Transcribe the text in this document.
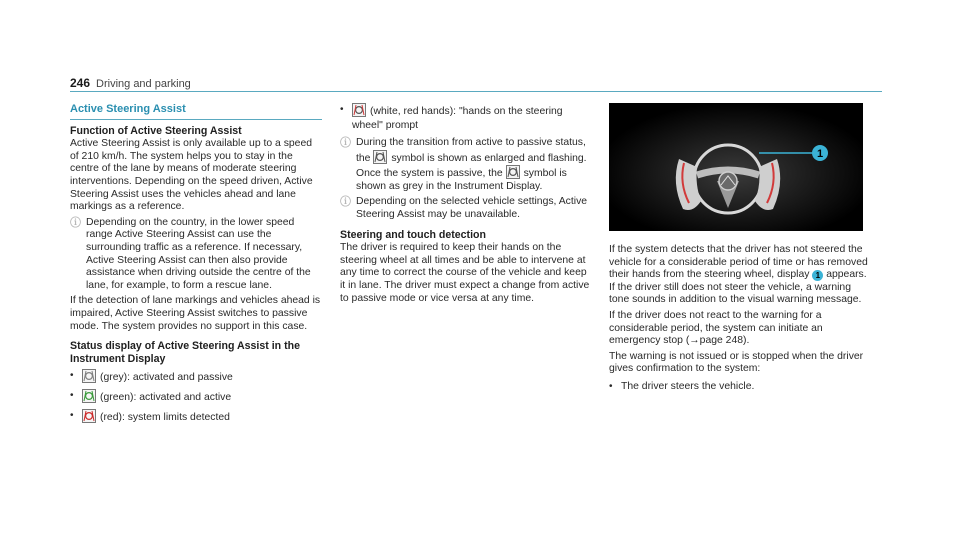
246 Driving and parking
Active Steering Assist
Function of Active Steering Assist

Active Steering Assist is only available up to a speed of 210 km/h. The system helps you to stay in the centre of the lane by means of moderate steering interventions. Depending on the speed driven, Active Steering Assist uses the vehicles ahead and lane markings as a reference.

ⓘ Depending on the country, in the lower speed range Active Steering Assist can use the surrounding traffic as a reference. If necessary, Active Steering Assist can then also provide assistance when driving outside the centre of the lane, for example, to form a rescue lane.

If the detection of lane markings and vehicles ahead is impaired, Active Steering Assist switches to passive mode. The system provides no support in this case.

Status display of Active Steering Assist in the Instrument Display
•	(grey): activated and passive
•	(green): activated and active
•	(red): system limits detected
•	(white, red hands): "hands on the steering wheel" prompt
ⓘ During the transition from active to passive status, the symbol is shown as enlarged and flashing. Once the system is passive, the symbol is shown as grey in the Instrument Display.
ⓘ Depending on the selected vehicle settings, Active Steering Assist may be unavailable.
Steering and touch detection

The driver is required to keep their hands on the steering wheel at all times and be able to intervene at any time to correct the course of the vehicle and keep it in lane. The driver must expect a change from active to passive mode or vice versa at any time.

1

If the system detects that the driver has not steered the vehicle for a considerable period of time or has removed their hands from the steering wheel, display 1 appears. If the driver still does not steer the vehicle, a warning tone sounds in addition to the visual warning message.

If the driver does not react to the warning for a considerable period, the system can initiate an emergency stop (→page 248).

The warning is not issued or is stopped when the driver gives confirmation to the system:

• The driver steers the vehicle.
